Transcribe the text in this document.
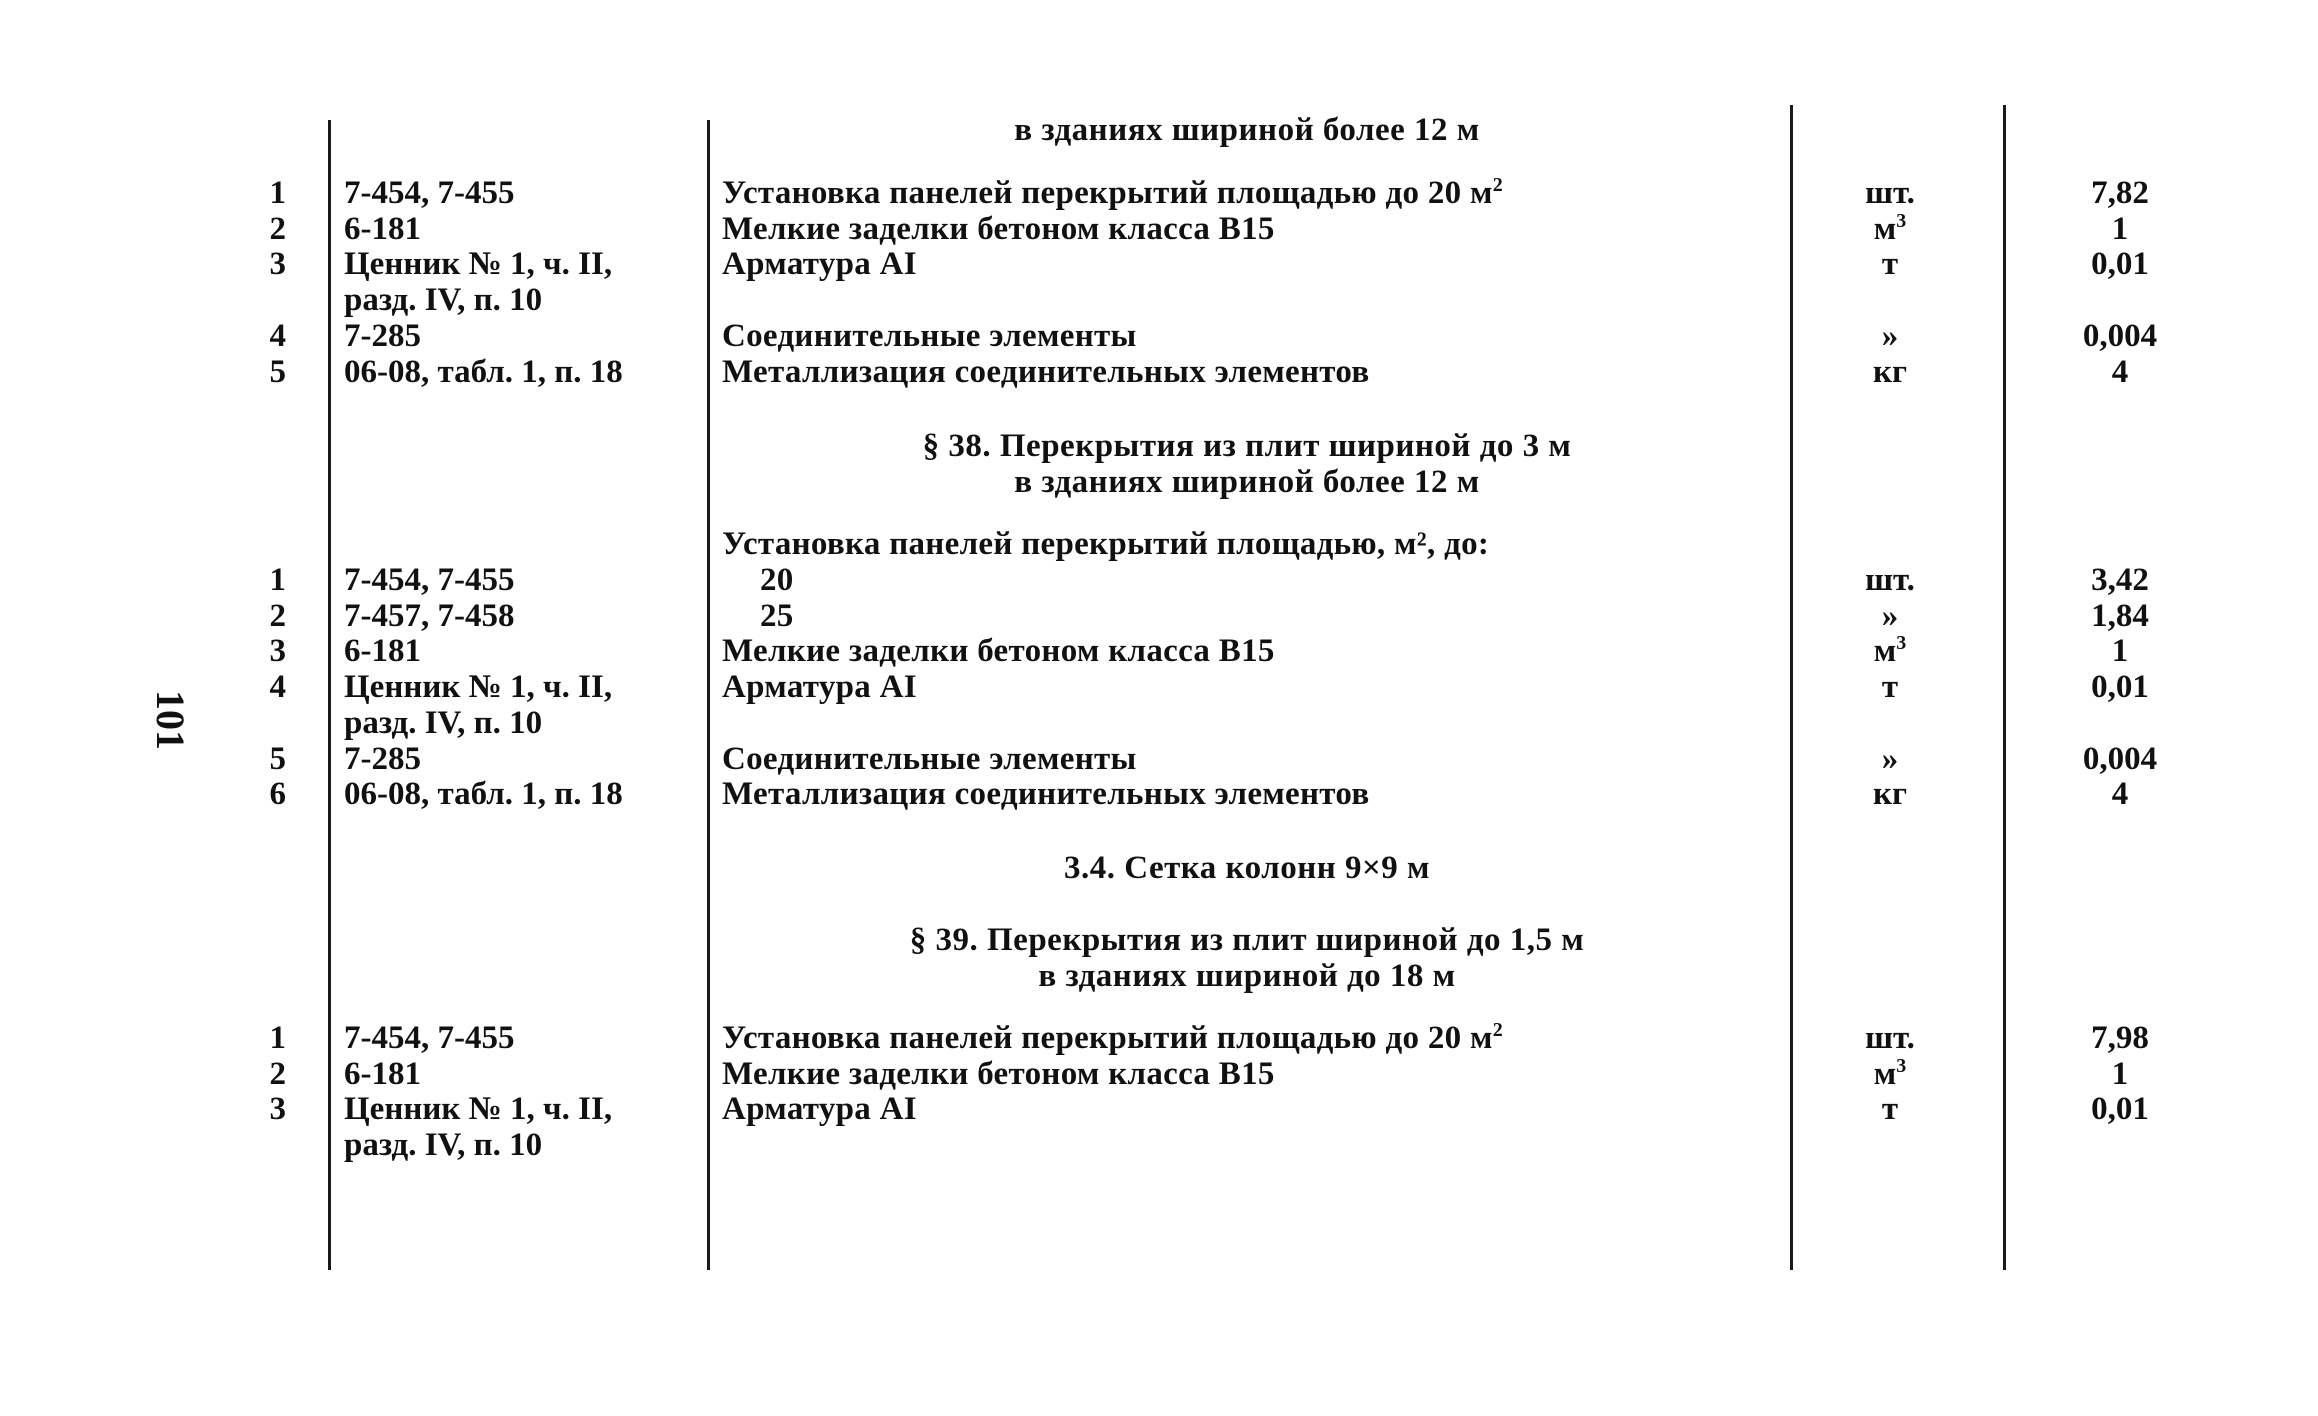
101
в зданиях шириной более 12 м
1 7-454, 7-455	Установка панелей перекрытий площадью до 20 $м^2$	шт.	7,82
2 6-181	Мелкие заделки бетоном класса В15	$м^3$	1
3 Ценник № 1, ч. II,	Арматура АI	т	0,01
разд. IV, п. 10
4 7-285	Соединительные элементы	»	0,004
5 06-08, табл. 1, п. 18	Металлизация соединительных элементов	кг	4
§ 38. Перекрытия из плит шириной до 3 м
в зданиях шириной более 12 м
Установка панелей перекрытий площадью, м², до:
1 7-454, 7-455	20	шт.	3,42
2 7-457, 7-458	25	»	1,84
3 6-181	Мелкие заделки бетоном класса В15	$м^3$	1
4 Ценник № 1, ч. II,	Арматура АI	т	0,01
разд. IV, п. 10
5 7-285	Соединительные элементы	»	0,004
6 06-08, табл. 1, п. 18	Металлизация соединительных элементов	кг	4
3.4. Сетка колонн 9×9 м
§ 39. Перекрытия из плит шириной до 1,5 м
в зданиях шириной до 18 м
1 7-454, 7-455	Установка панелей перекрытий площадью до 20 $м^2$	шт.	7,98
2 6-181	Мелкие заделки бетоном класса В15	$м^3$	1
3 Ценник № 1, ч. II,	Арматура АI	т	0,01
разд. IV, п. 10
